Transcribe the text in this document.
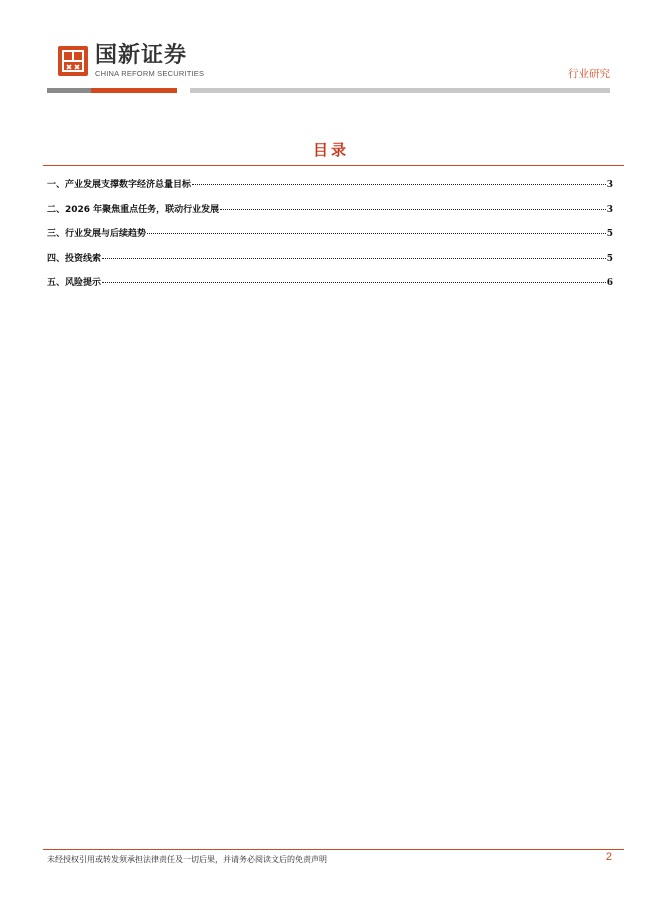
国新证券
CHINA REFORM SECURITIES	行业研究
目录
一、产业发展支撑数字经济总量目标	3
二、2026 年聚焦重点任务，联动行业发展	3
三、行业发展与后续趋势	5
四、投资线索	5
五、风险提示	6
未经授权引用或转发须承担法律责任及一切后果，并请务必阅读文后的免责声明	2
